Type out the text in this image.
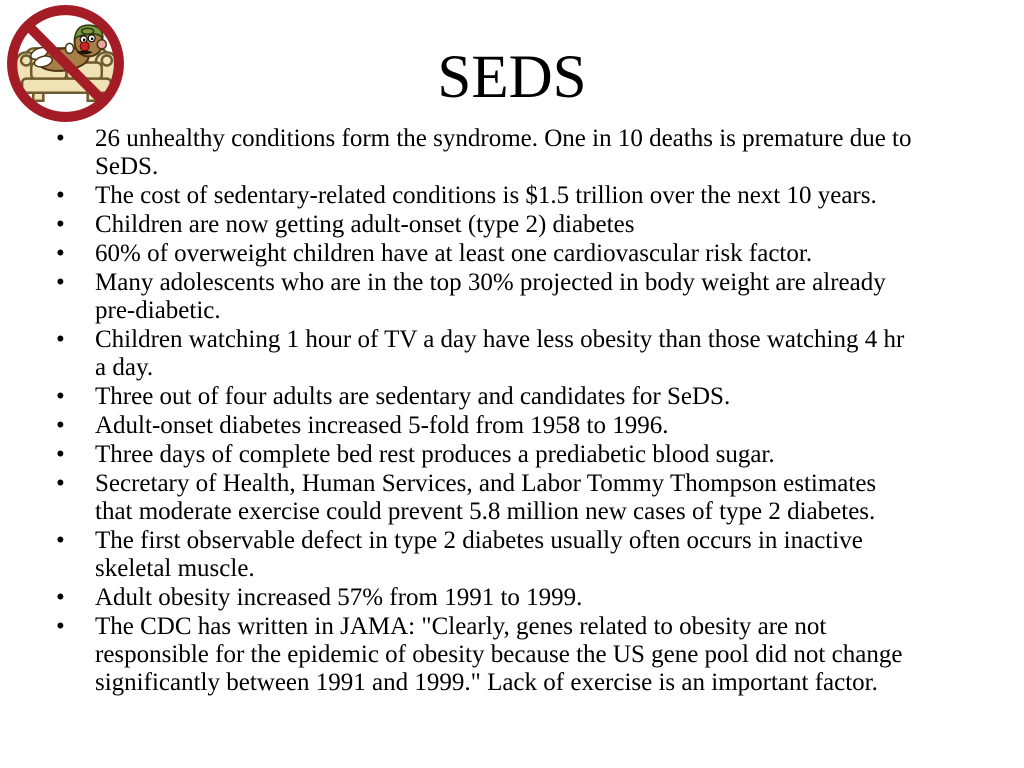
SEDS
• 26 unhealthy conditions form the syndrome. One in 10 deaths is premature due to SeDS.
• The cost of sedentary-related conditions is $1.5 trillion over the next 10 years.
• Children are now getting adult-onset (type 2) diabetes
• 60% of overweight children have at least one cardiovascular risk factor.
• Many adolescents who are in the top 30% projected in body weight are already pre-diabetic.
• Children watching 1 hour of TV a day have less obesity than those watching 4 hr a day.
• Three out of four adults are sedentary and candidates for SeDS.
• Adult-onset diabetes increased 5-fold from 1958 to 1996.
• Three days of complete bed rest produces a prediabetic blood sugar.
• Secretary of Health, Human Services, and Labor Tommy Thompson estimates that moderate exercise could prevent 5.8 million new cases of type 2 diabetes.
• The first observable defect in type 2 diabetes usually often occurs in inactive skeletal muscle.
• Adult obesity increased 57% from 1991 to 1999.
• The CDC has written in JAMA: "Clearly, genes related to obesity are not responsible for the epidemic of obesity because the US gene pool did not change significantly between 1991 and 1999." Lack of exercise is an important factor.
